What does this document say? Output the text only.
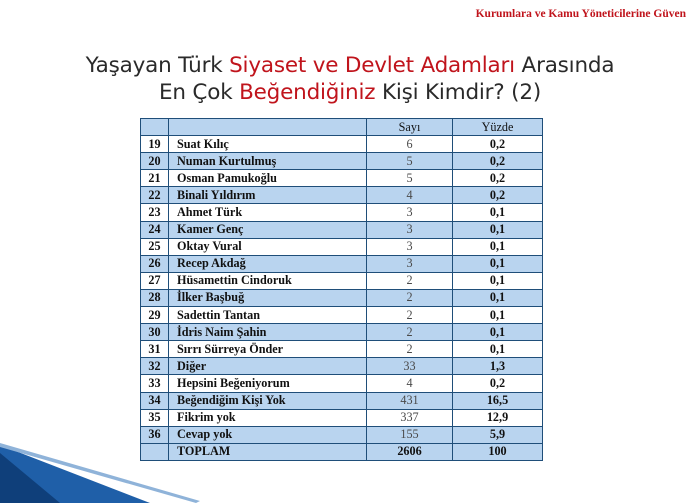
Kurumlara ve Kamu Yöneticilerine Güven
Yaşayan Türk Siyaset ve Devlet Adamları Arasında
En Çok Beğendiğiniz Kişi Kimdir? (2)
		Sayı	Yüzde
19	Suat Kılıç	6	0,2
20	Numan Kurtulmuş	5	0,2
21	Osman Pamukoğlu	5	0,2
22	Binali Yıldırım	4	0,2
23	Ahmet Türk	3	0,1
24	Kamer Genç	3	0,1
25	Oktay Vural	3	0,1
26	Recep Akdağ	3	0,1
27	Hüsamettin Cindoruk	2	0,1
28	İlker Başbuğ	2	0,1
29	Sadettin Tantan	2	0,1
30	İdris Naim Şahin	2	0,1
31	Sırrı Sürreya Önder	2	0,1
32	Diğer	33	1,3
33	Hepsini Beğeniyorum	4	0,2
34	Beğendiğim Kişi Yok	431	16,5
35	Fikrim yok	337	12,9
36	Cevap yok	155	5,9
	TOPLAM	2606	100
